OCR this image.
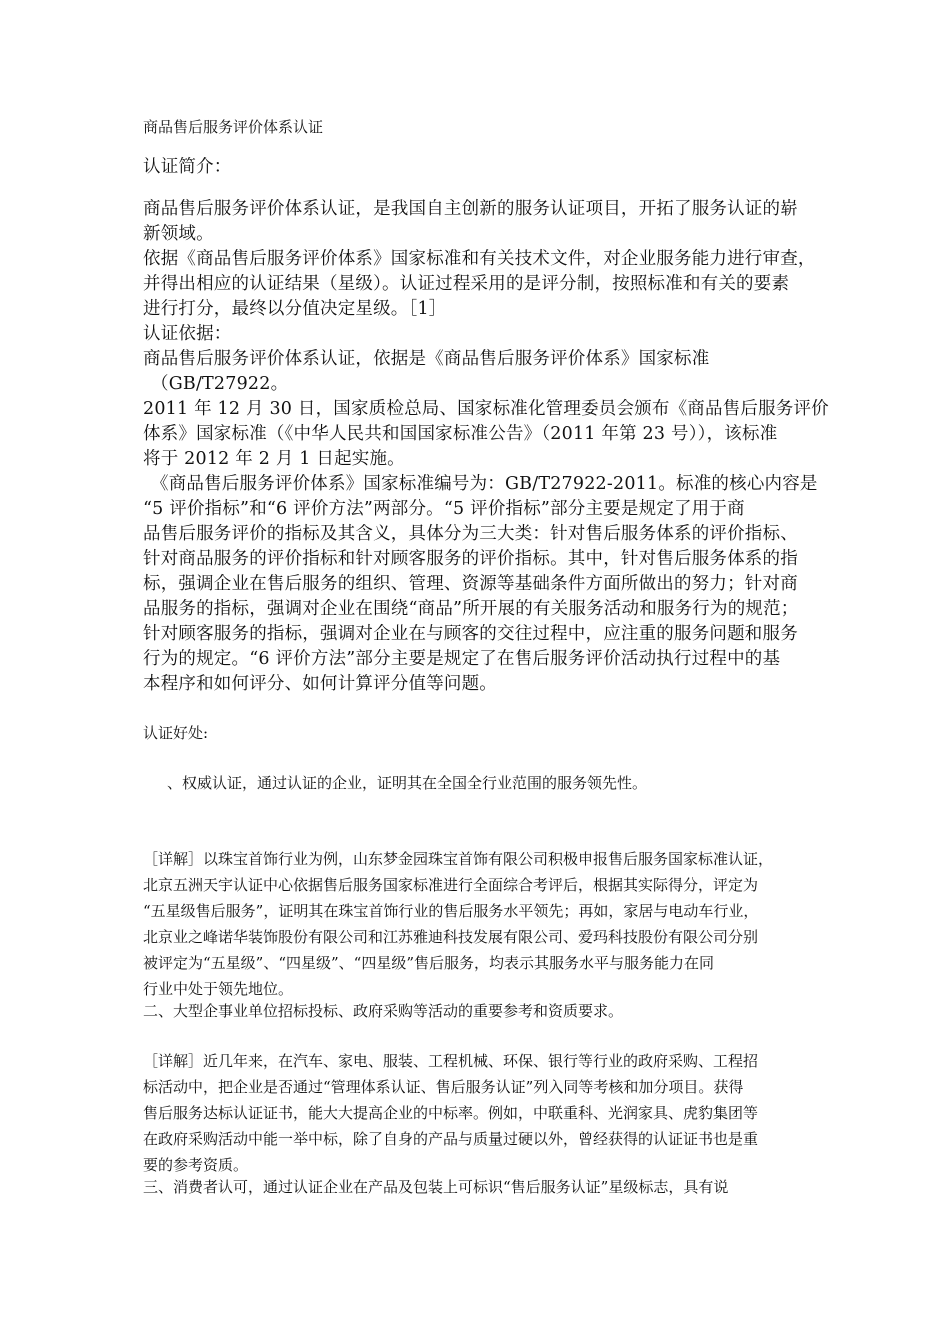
商品售后服务评价体系认证

认证简介：

商品售后服务评价体系认证，是我国自主创新的服务认证项目，开拓了服务认证的崭
新领域。

依据《商品售后服务评价体系》国家标准和有关技术文件，对企业服务能力进行审查，
并得出相应的认证结果（星级）。认证过程采用的是评分制，按照标准和有关的要素
进行打分，最终以分值决定星级。［1］

认证依据：

商品售后服务评价体系认证，依据是《商品售后服务评价体系》国家标准
（GB/T27922。

2011 年 12 月 30 日，国家质检总局、国家标准化管理委员会颁布《商品售后服务评价
体系》国家标准（《中华人民共和国国家标准公告》（2011 年第 23 号）），该标准
将于 2012 年 2 月 1 日起实施。

《商品售后服务评价体系》国家标准编号为：GB/T27922-2011。标准的核心内容是
“5 评价指标”和“6 评价方法”两部分。“5 评价指标”部分主要是规定了用于商
品售后服务评价的指标及其含义，具体分为三大类：针对售后服务体系的评价指标、
针对商品服务的评价指标和针对顾客服务的评价指标。其中，针对售后服务体系的指
标，强调企业在售后服务的组织、管理、资源等基础条件方面所做出的努力；针对商
品服务的指标，强调对企业在围绕“商品”所开展的有关服务活动和服务行为的规范；
针对顾客服务的指标，强调对企业在与顾客的交往过程中，应注重的服务问题和服务
行为的规定。“6 评价方法”部分主要是规定了在售后服务评价活动执行过程中的基
本程序和如何评分、如何计算评分值等问题。

认证好处:

、权威认证，通过认证的企业，证明其在全国全行业范围的服务领先性。

［详解］以珠宝首饰行业为例，山东梦金园珠宝首饰有限公司积极申报售后服务国家标准认证，
北京五洲天宇认证中心依据售后服务国家标准进行全面综合考评后，根据其实际得分，评定为
“五星级售后服务”，证明其在珠宝首饰行业的售后服务水平领先；再如，家居与电动车行业，
北京业之峰诺华装饰股份有限公司和江苏雅迪科技发展有限公司、爱玛科技股份有限公司分别
被评定为“五星级”、“四星级”、“四星级”售后服务，均表示其服务水平与服务能力在同
行业中处于领先地位。

二、大型企事业单位招标投标、政府采购等活动的重要参考和资质要求。

［详解］近几年来，在汽车、家电、服装、工程机械、环保、银行等行业的政府采购、工程招
标活动中，把企业是否通过“管理体系认证、售后服务认证”列入同等考核和加分项目。获得
售后服务达标认证证书，能大大提高企业的中标率。例如，中联重科、光润家具、虎豹集团等
在政府采购活动中能一举中标，除了自身的产品与质量过硬以外，曾经获得的认证证书也是重
要的参考资质。

三、消费者认可，通过认证企业在产品及包装上可标识“售后服务认证”星级标志，具有说
